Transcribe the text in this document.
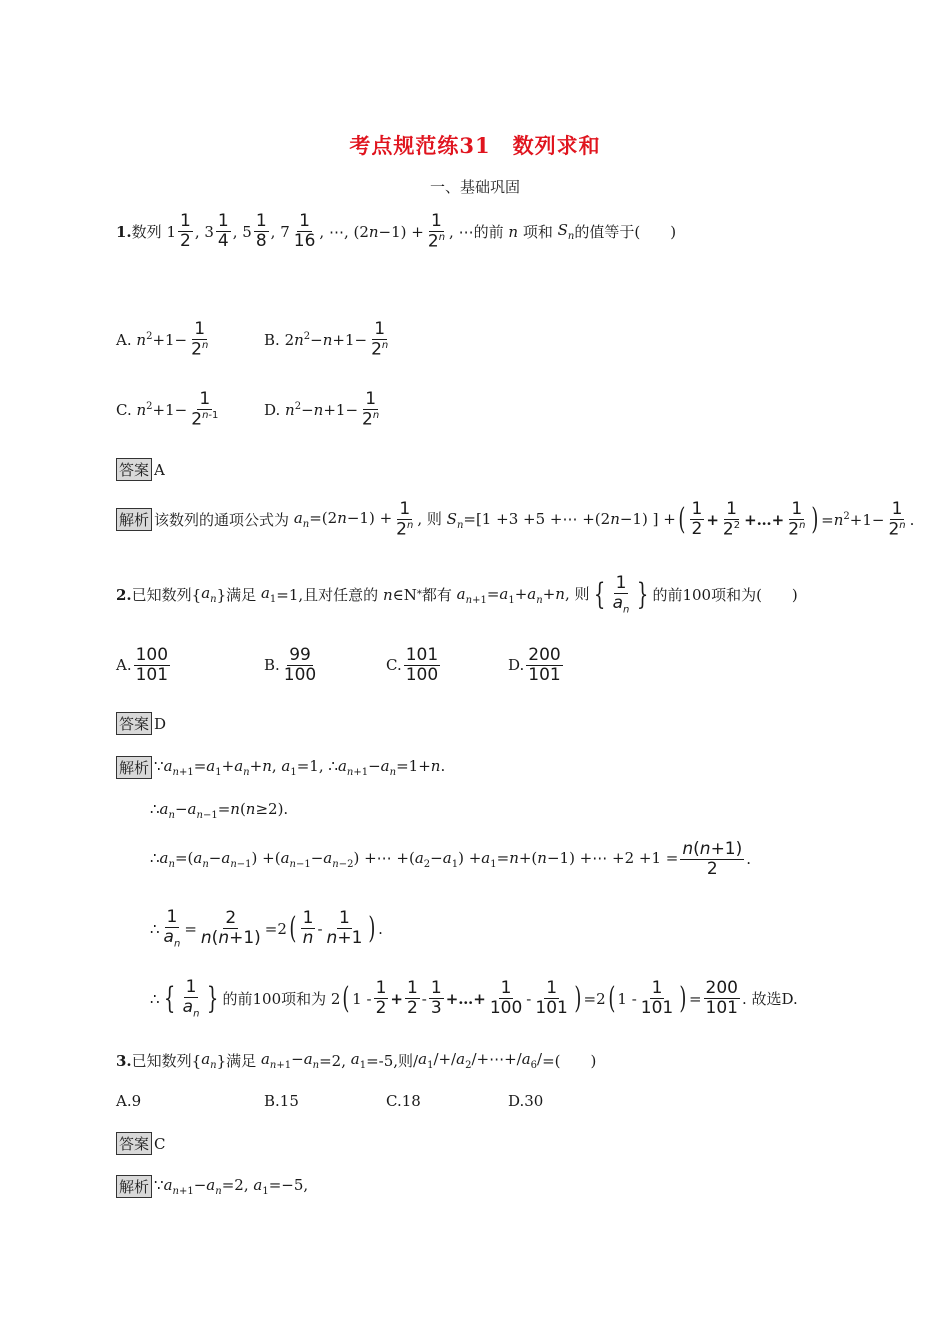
考点规范练31　数列求和
一、基础巩固
1. 数列 $1 \frac{1}{2}$ , $3 \frac{1}{4}$ , $5 \frac{1}{8}$ , $7 \frac{1}{16}$ , ⋯, $(2n-1) + \frac{1}{2^n}$ , ⋯ 的前 n 项和 $S_n$ 的值等于(　　)
A. $n^2+1- \frac{1}{2^n}$	B. $2n^2-n+1- \frac{1}{2^n}$
C. $n^2+1- \frac{1}{2^{n-1}}$	D. $n^2-n+1- \frac{1}{2^n}$
答案 A
解析 该数列的通项公式为 $a_n=(2n-1) + \frac{1}{2^n}$ , 则 $S_n=[1 +3 +5$ +⋯ +(2n−1) ] + ( $\frac{1}{2} + \frac{1}{2^2}$ +…+ $\frac{1}{2^n}$ ) $=n^2+1- \frac{1}{2^n}$ .
2. 已知数列{ $a_n$ }满足 $a_1 =1$,且对任意的 n ∈N * 都有 $a_{n+1}=a_1+a_n+n$, 则 { $\frac{1}{a_n}$ } 的前100项和为(　　)
A. $\frac{100}{101}$	B. $\frac{99}{100}$	C. $\frac{101}{100}$	D. $\frac{200}{101}$
答案 D
解析 $\because a_{n+1}=a_1+a_n+n$, $a_1=1$, $\therefore a_{n+1}-a_n=1+n$.
$\therefore a_n-a_{n-1}=n(n\ge 2)$.
$\therefore a_n=(a_n-a_{n-1}) +(a_{n-1}-a_{n-2})$ +⋯ $+(a_2-a_1) +a_1=n+(n-1)$ +⋯ $+2 +1 = \frac{n(n+1)}{2}$ .
∴ $\frac{1}{a_n} = \frac{2}{n(n+1)} =2$ ( $\frac{1}{n} - \frac{1}{n+1}$ ) .
∴ { $\frac{1}{a_n}$ } 的前100项和为 2 ( $1 - \frac{1}{2} + \frac{1}{2} - \frac{1}{3}$ +…+ $\frac{1}{100} - \frac{1}{101}$ ) =2 ( $1 - \frac{1}{101}$ ) = $\frac{200}{101}$ . 故选D.
3. 已知数列{ $a_n$ }满足 $a_{n+1}-a_n =2$, $a_1 =-5$,则/ $a_1/+/a_2/+\cdots+/a_6/$ =(　　)
A.9	B.15	C.18	D.30
答案 C
解析 $\because a_{n+1}-a_n=2$, $a_1=-5$,
